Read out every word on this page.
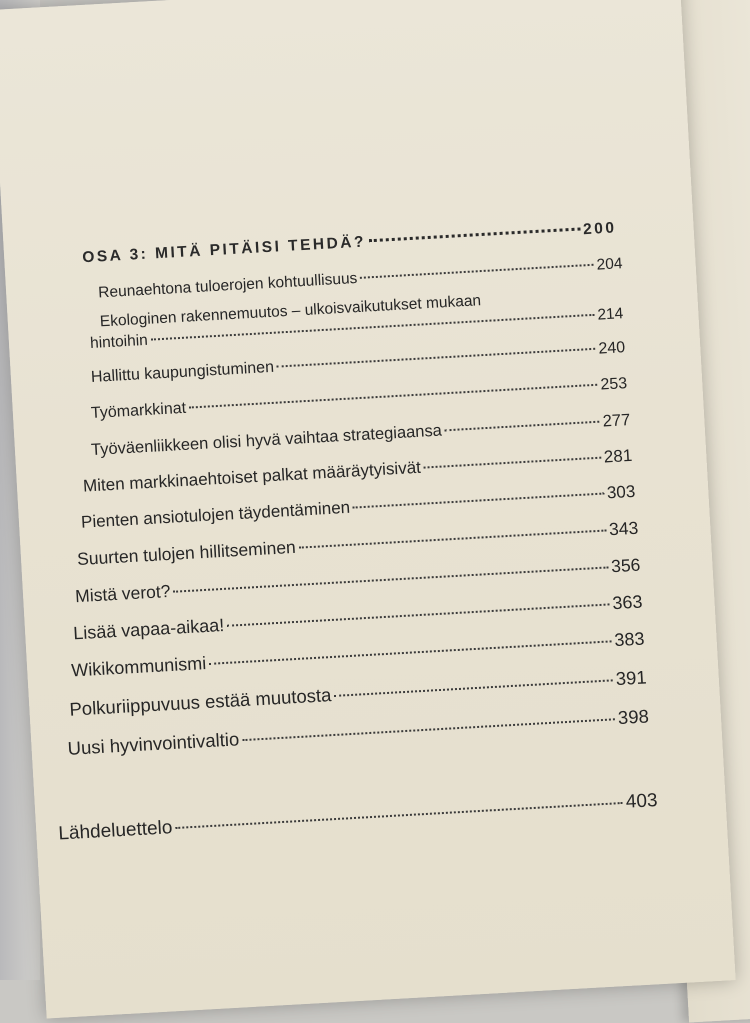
OSA 3: MITÄ PITÄISI TEHDÄ?
200
Reunaehtona tuloerojen kohtuullisuus
204
Ekologinen rakennemuutos – ulkoisvaikutukset mukaan
hintoihin
214
Hallittu kaupungistuminen
240
Työmarkkinat
253
Työväenliikkeen olisi hyvä vaihtaa strategiaansa
277
Miten markkinaehtoiset palkat määräytyisivät
281
Pienten ansiotulojen täydentäminen
303
Suurten tulojen hillitseminen
343
Mistä verot?
356
Lisää vapaa-aikaa!
363
Wikikommunismi
383
Polkuriippuvuus estää muutosta
391
Uusi hyvinvointivaltio
398
Lähdeluettelo
403
